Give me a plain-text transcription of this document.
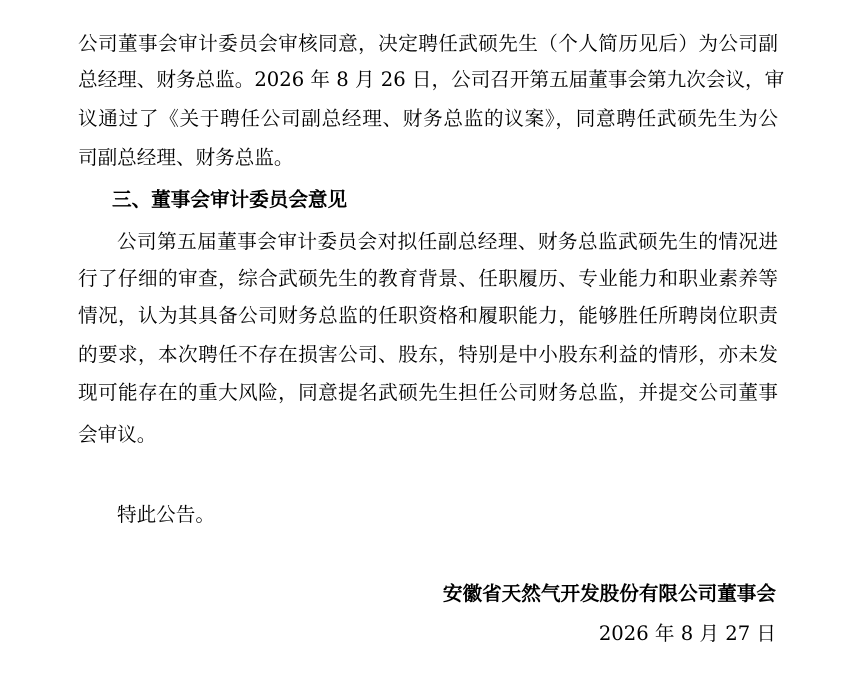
公司董事会审计委员会审核同意，决定聘任武硕先生（个人简历见后）为公司副
总经理、财务总监。2026 年 8 月 26 日，公司召开第五届董事会第九次会议，审
议通过了《关于聘任公司副总经理、财务总监的议案》，同意聘任武硕先生为公
司副总经理、财务总监。
三、董事会审计委员会意见
公司第五届董事会审计委员会对拟任副总经理、财务总监武硕先生的情况进
行了仔细的审查，综合武硕先生的教育背景、任职履历、专业能力和职业素养等
情况，认为其具备公司财务总监的任职资格和履职能力，能够胜任所聘岗位职责
的要求，本次聘任不存在损害公司、股东，特别是中小股东利益的情形，亦未发
现可能存在的重大风险，同意提名武硕先生担任公司财务总监，并提交公司董事
会审议。
特此公告。
安徽省天然气开发股份有限公司董事会
2026 年 8 月 27 日
